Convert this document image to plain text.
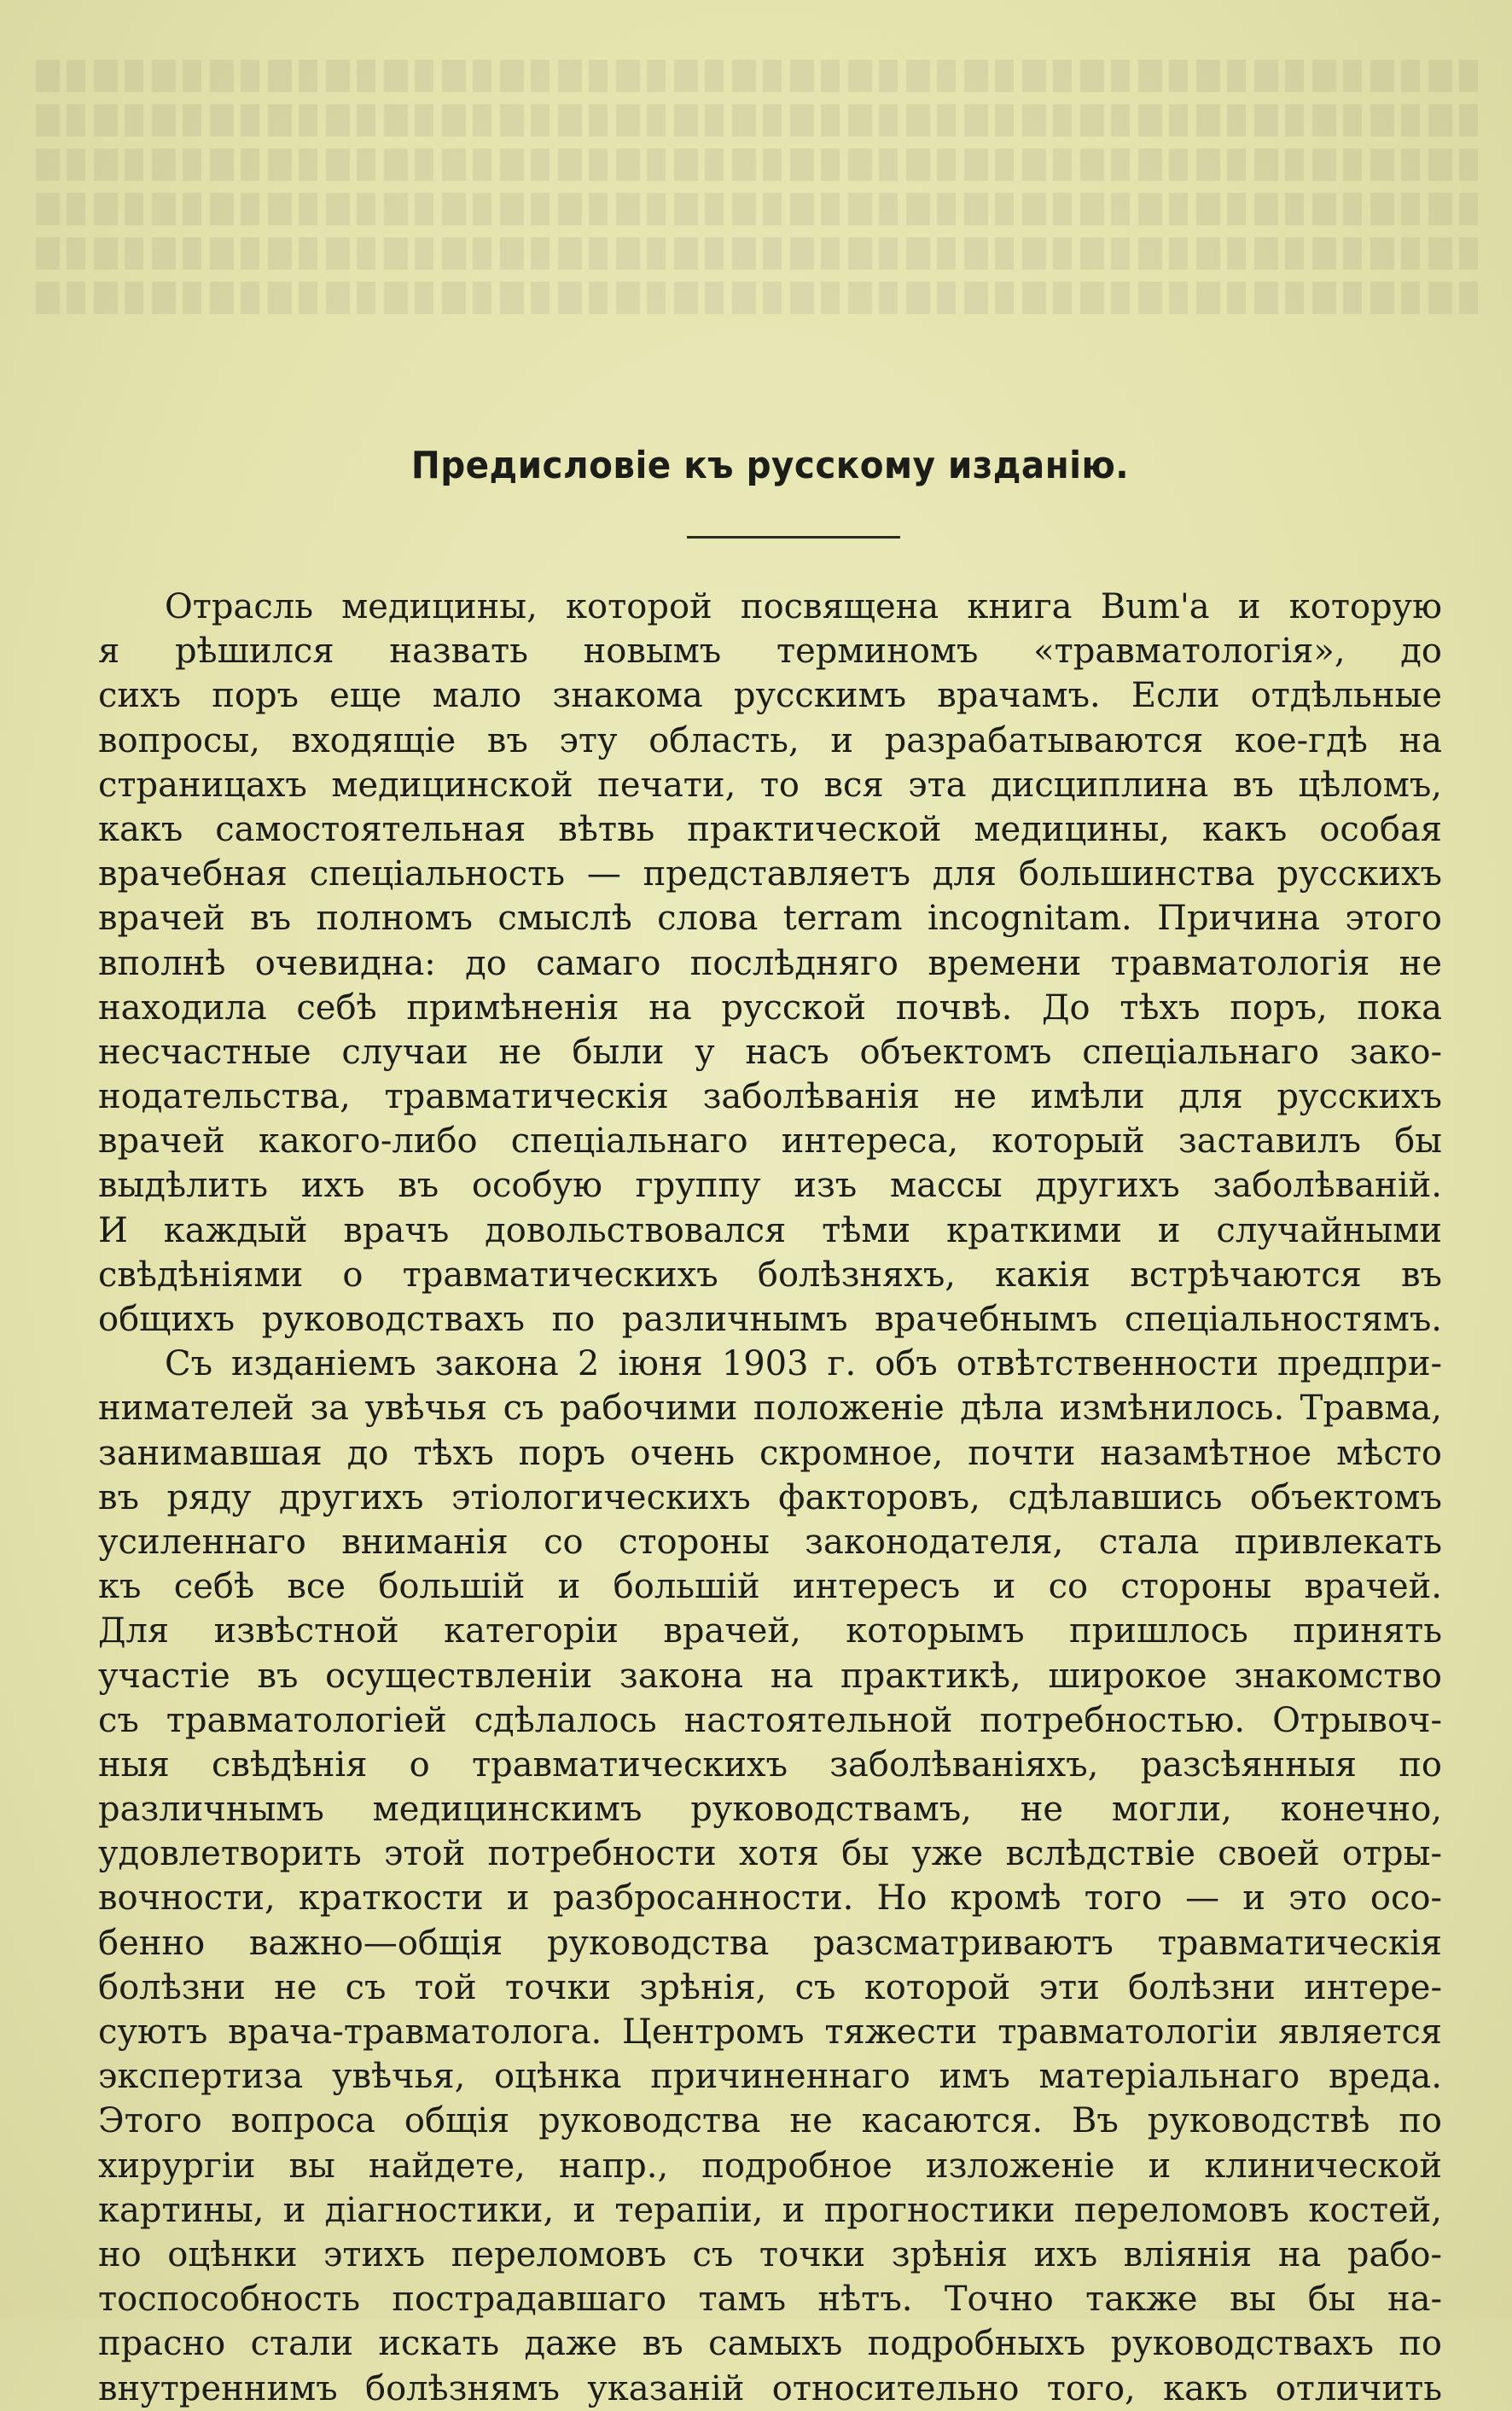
Предисловіе къ русскому изданію.
Отрасль медицины, которой посвящена книга Вum'а и которую
я рѣшился назвать новымъ терминомъ «травматологія», до
сихъ поръ еще мало знакома русскимъ врачамъ. Если отдѣльные
вопросы, входящіе въ эту область, и разрабатываются кое-гдѣ на
страницахъ медицинской печати, то вся эта дисциплина въ цѣломъ,
какъ самостоятельная вѣтвь практической медицины, какъ особая
врачебная спеціальность — представляетъ для большинства русскихъ
врачей въ полномъ смыслѣ слова terram incognitam. Причина этого
вполнѣ очевидна: до самаго послѣдняго времени травматологія не
находила себѣ примѣненія на русской почвѣ. До тѣхъ поръ, пока
несчастные случаи не были у насъ объектомъ спеціальнаго зако-
нодательства, травматическія заболѣванія не имѣли для русскихъ
врачей какого-либо спеціальнаго интереса, который заставилъ бы
выдѣлить ихъ въ особую группу изъ массы другихъ заболѣваній.
И каждый врачъ довольствовался тѣми краткими и случайными
свѣдѣніями о травматическихъ болѣзняхъ, какія встрѣчаются въ
общихъ руководствахъ по различнымъ врачебнымъ спеціальностямъ.
Съ изданіемъ закона 2 іюня 1903 г. объ отвѣтственности предпри-
нимателей за увѣчья съ рабочими положеніе дѣла измѣнилось. Травма,
занимавшая до тѣхъ поръ очень скромное, почти назамѣтное мѣсто
въ ряду другихъ этіологическихъ факторовъ, сдѣлавшись объектомъ
усиленнаго вниманія со стороны законодателя, стала привлекать
къ себѣ все большій и большій интересъ и со стороны врачей.
Для извѣстной категоріи врачей, которымъ пришлось принять
участіе въ осуществленіи закона на практикѣ, широкое знакомство
съ травматологіей сдѣлалось настоятельной потребностью. Отрывоч-
ныя свѣдѣнія о травматическихъ заболѣваніяхъ, разсѣянныя по
различнымъ медицинскимъ руководствамъ, не могли, конечно,
удовлетворить этой потребности хотя бы уже вслѣдствіе своей отры-
вочности, краткости и разбросанности. Но кромѣ того — и это осо-
бенно важно—общія руководства разсматриваютъ травматическія
болѣзни не съ той точки зрѣнія, съ которой эти болѣзни интере-
суютъ врача-травматолога. Центромъ тяжести травматологіи является
экспертиза увѣчья, оцѣнка причиненнаго имъ матеріальнаго вреда.
Этого вопроса общія руководства не касаются. Въ руководствѣ по
хирургіи вы найдете, напр., подробное изложеніе и клинической
картины, и діагностики, и терапіи, и прогностики переломовъ костей,
но оцѣнки этихъ переломовъ съ точки зрѣнія ихъ вліянія на рабо-
тоспособность пострадавшаго тамъ нѣтъ. Точно также вы бы на-
прасно стали искать даже въ самыхъ подробныхъ руководствахъ по
внутреннимъ болѣзнямъ указаній относительно того, какъ отличить
